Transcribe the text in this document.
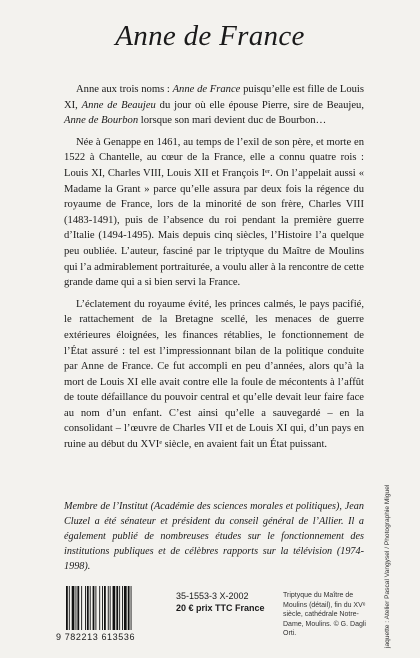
Anne de France

Anne aux trois noms : Anne de France puisqu’elle est fille de Louis XI, Anne de Beaujeu du jour où elle épouse Pierre, sire de Beaujeu, Anne de Bourbon lorsque son mari devient duc de Bourbon…

Née à Genappe en 1461, au temps de l’exil de son père, et morte en 1522 à Chantelle, au cœur de la France, elle a connu quatre rois : Louis XI, Charles VIII, Louis XII et François Iᵉʳ. On l’appelait aussi « Madame la Grant » parce qu’elle assura par deux fois la régence du royaume de France, lors de la minorité de son frère, Charles VIII (1483-1491), puis de l’absence du roi pendant la première guerre d’Italie (1494-1495). Mais depuis cinq siècles, l’Histoire l’a quelque peu oubliée. L’auteur, fasciné par le triptyque du Maître de Moulins qui l’a admirablement portraiturée, a voulu aller à la rencontre de cette grande dame qui a si bien servi la France.

L’éclatement du royaume évité, les princes calmés, le pays pacifié, le rattachement de la Bretagne scellé, les menaces de guerre extérieures éloignées, les finances rétablies, le fonctionnement de l’État assuré : tel est l’impressionnant bilan de la politique conduite par Anne de France. Ce fut accompli en peu d’années, alors qu’à la mort de Louis XI elle avait contre elle la foule de mécontents à l’affût de toute défaillance du pouvoir central et qu’elle devait leur faire face au nom d’un enfant. C’est ainsi qu’elle a sauvegardé – en la consolidant – l’œuvre de Charles VII et de Louis XI qui, d’un pays en ruine au début du XVIᵉ siècle, en avaient fait un État puissant.

Membre de l’Institut (Académie des sciences morales et politiques), Jean Cluzel a été sénateur et président du conseil général de l’Allier. Il a également publié de nombreuses études sur le fonctionnement des institutions publiques et de célèbres rapports sur la télévision (1974-1998).
9 782213 613536
35-1553-3 X-2002
20 € prix TTC France
Triptyque du Maître de Moulins (détail), fin du XVᵉ siècle, cathédrale Notre-Dame, Moulins. © G. Dagli Orti.	jaquette : Atelier Pascal Vangysel / Photographie Miguel
